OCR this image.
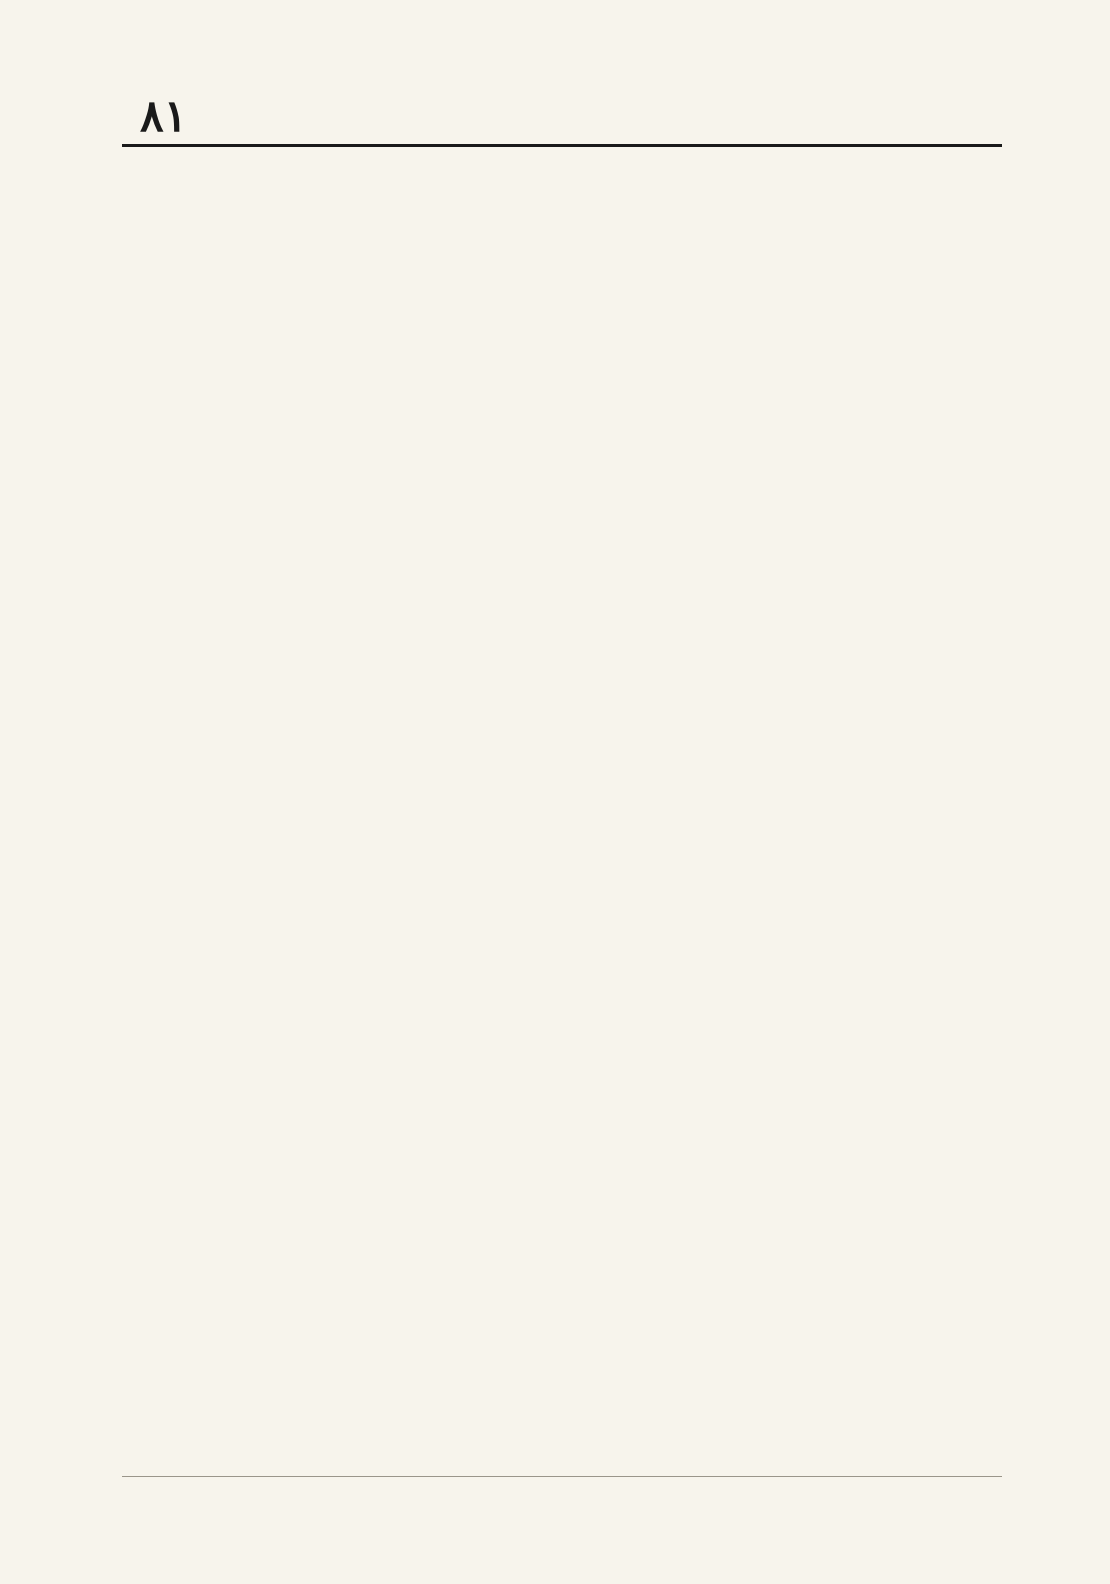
٨١
